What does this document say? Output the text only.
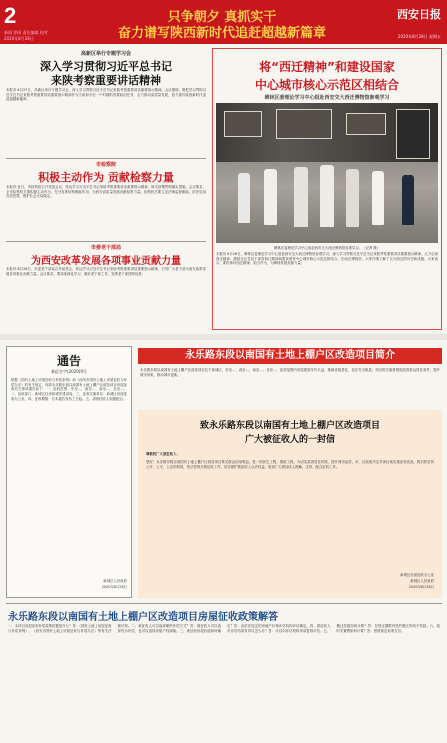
2
新闻 要闻 责任编辑 校对
2020年8月28日
只争朝夕 真抓实干
奋力谱写陕西新时代追赶超越新篇章
西安日报
2020年8月28日 星期五
高新区举行专题学习会
深入学习贯彻习近平总书记
来陕考察重要讲话精神
本报讯 8月27日，高新区举行专题学习会，深入学习贯彻习近平总书记来陕考察重要讲话重要指示精神。会议强调，要把学习贯彻习近平总书记来陕考察重要讲话重要指示精神作为当前和今后一个时期的首要政治任务，全力推动高质量发展，奋力谱写陕西新时代追赶超越新篇章。
市检察院
积极主动作为 贡献检察力量
本报讯 近日，市检察院召开党组会议，传达学习习近平总书记来陕考察重要讲话重要指示精神，研究部署贯彻落实措施。会议要求，全市检察机关要积极主动作为，充分发挥检察职能作用，为西安高质量发展贡献检察力量。检察机关要立足法律监督职能，依法惩治各类犯罪，维护社会大局稳定。
市委老干部局
为西安改革发展各项事业贡献力量
本报讯 8月26日，市委老干部局召开局务会，传达学习习近平总书记来陕考察重要讲话重要指示精神，引导广大老干部为西安改革发展各项事业贡献力量。会议要求，要持续深化学习，做好老干部工作，发挥老干部独特优势。
将“西迁精神”和建设国家
中心城市核心示范区相结合
碑林区委理论学习中心组赴西安交大西迁博物馆参观学习
碑林区委理论学习中心组赴西安交大西迁博物馆参观学习。（记者 摄）
本报讯 8月26日，碑林区委理论学习中心组赴西安交大西迁博物馆参观学习，深入学习贯彻习近平总书记来陕考察重要讲话重要指示精神，大力弘扬西迁精神，激励全区党员干部将西迁精神和建设国家中心城市核心示范区相结合。在西迁博物馆，大家详细了解了交大西迁的历史和成就。大家表示，要传承好西迁精神，担当作为，为碑林发展贡献力量。
通告
新征告字(2020)9号
根据《国有土地上房屋征收与补偿条例》和《西安市国有土地上房屋征收与补偿办法》的有关规定，现将永乐路东段以南国有土地上棚户区改造项目房屋征收有关事项通告如下：一、征收范围：东至…，西至…，南至…，北至…。二、征收部门：新城区住房和城乡建设局。三、征收实施单位：新城区房屋征收办公室。四、征收期限：自本通告发布之日起。五、请被征收人积极配合。
新城区人民政府
2020年8月28日
永乐路东段以南国有土地上棚户区改造项目简介
永乐路东段以南国有土地上棚户区改造项目位于新城区，东至…，西至…，南至…，北至…，征收范围内房屋建成年代久远，基础设施老化，存在安全隐患。项目的实施将彻底改善群众居住条件，提升城市形象，推动城市更新。
致永乐路东段以南国有土地上棚户区改造项目
广大被征收人的一封信
尊敬的广大被征收人：
您好！永乐路东段以南国有土地上棚户区改造项目事关群众切身利益，是一项民生工程、德政工程。为切实改善居住环境，提升城市品质，市、区政府决定对该区域实施征收改造。我们将坚持公开、公平、公正的原则，依法依规开展征收工作，切实维护被征收人合法权益。恳请广大被征收人理解、支持、配合征收工作。
新城区房屋征收办公室
新城区人民政府
2020年8月28日
永乐路东段以南国有土地上棚户区改造项目房屋征收政策解答
一、本项目房屋征收补偿政策依据是什么？答：《国有土地上房屋征收与补偿条例》、《西安市国有土地上房屋征收与补偿办法》等有关法律法规。二、被征收人可以选择哪些补偿方式？答：被征收人可以选择货币补偿，也可以选择房屋产权调换。三、被征收房屋价值如何确定？答：由依法选定的房地产价格评估机构评估确定。四、被征收人对评估结果有异议怎么办？答：可以向评估机构申请复核评估。五、搬迁奖励如何计算？答：在规定期限内签约搬迁的给予奖励。六、临时安置费如何计算？答：按照规定标准支付。
